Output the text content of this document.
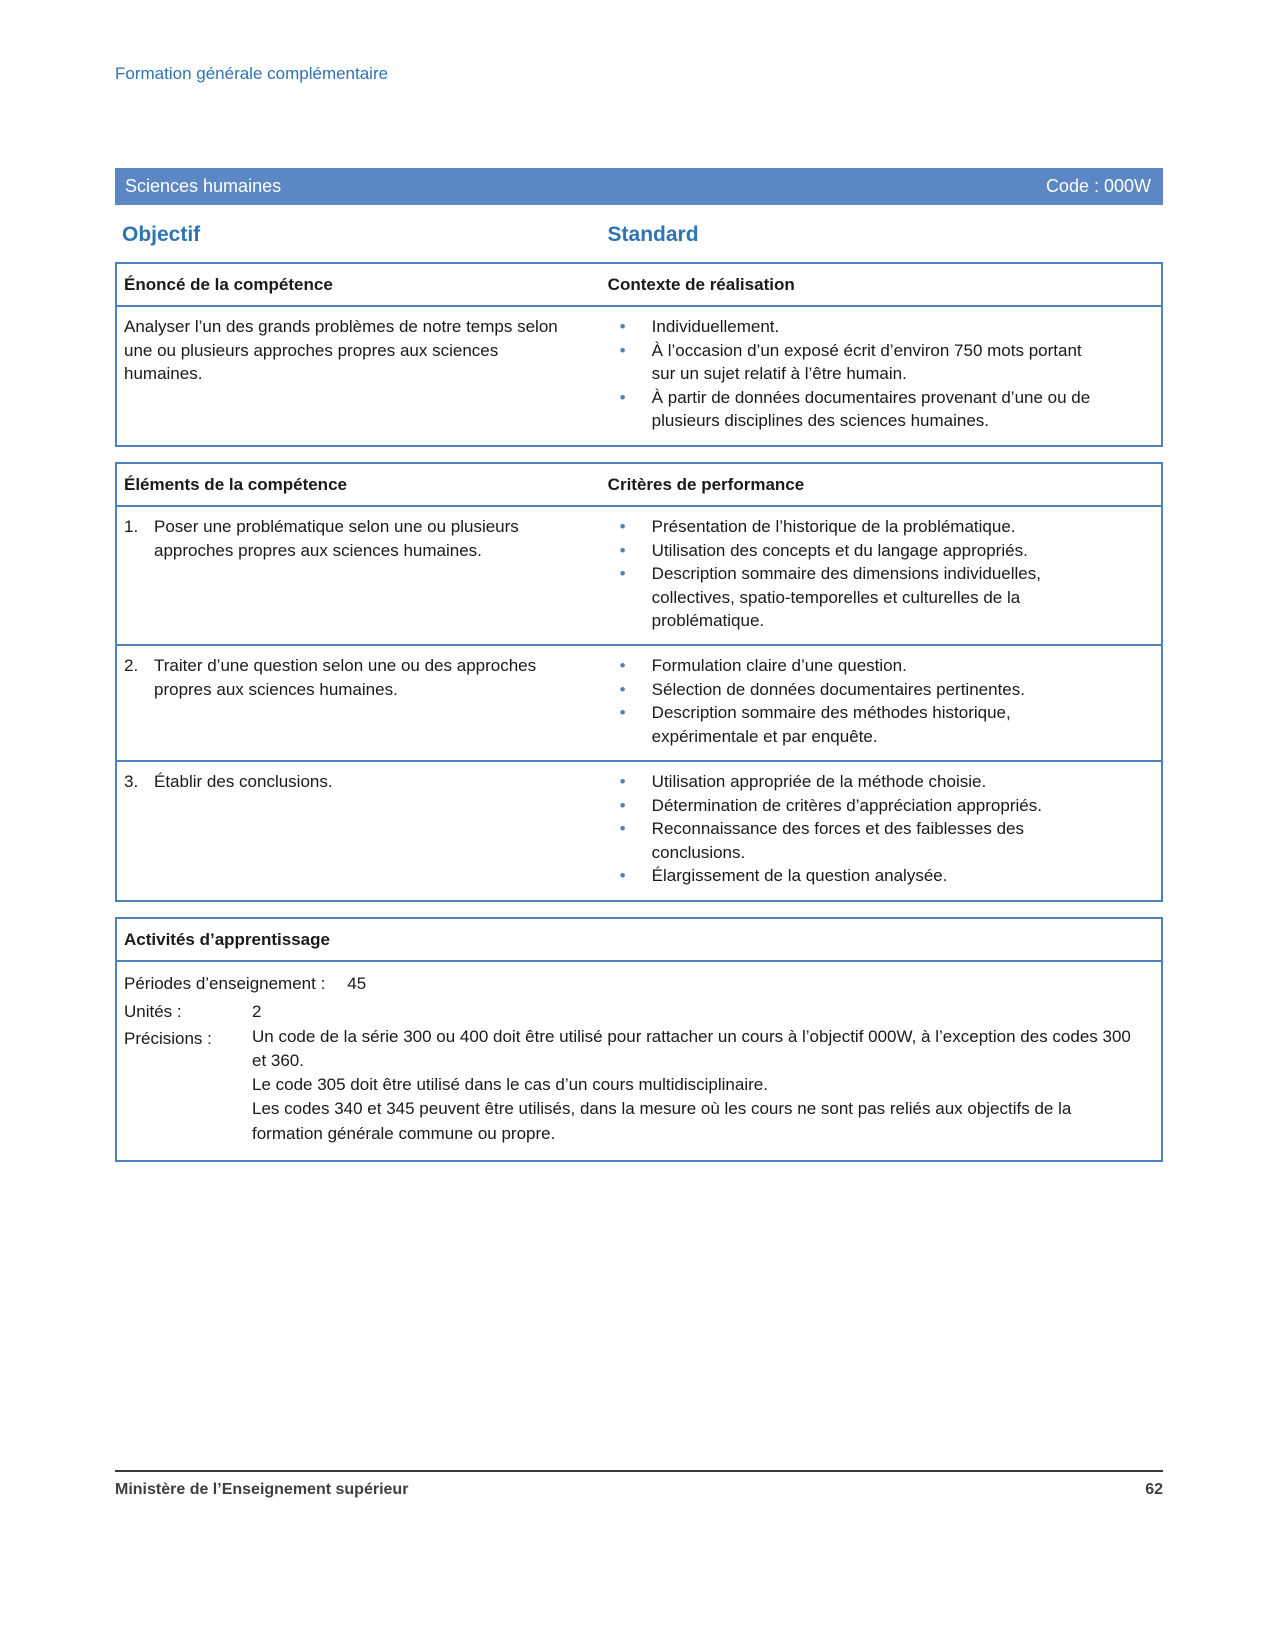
Formation générale complémentaire
Sciences humaines	Code : 000W
Objectif	Standard
Énoncé de la compétence	Contexte de réalisation
Analyser l’un des grands problèmes de notre temps selon une ou plusieurs approches propres aux sciences humaines.
• Individuellement.
• À l’occasion d’un exposé écrit d’environ 750 mots portant sur un sujet relatif à l’être humain.
• À partir de données documentaires provenant d’une ou de plusieurs disciplines des sciences humaines.
Éléments de la compétence	Critères de performance
1. Poser une problématique selon une ou plusieurs approches propres aux sciences humaines.
• Présentation de l’historique de la problématique.
• Utilisation des concepts et du langage appropriés.
• Description sommaire des dimensions individuelles, collectives, spatio-temporelles et culturelles de la problématique.
2. Traiter d’une question selon une ou des approches propres aux sciences humaines.
• Formulation claire d’une question.
• Sélection de données documentaires pertinentes.
• Description sommaire des méthodes historique, expérimentale et par enquête.
3. Établir des conclusions.	• Utilisation appropriée de la méthode choisie.
• Détermination de critères d’appréciation appropriés.
• Reconnaissance des forces et des faiblesses des conclusions.
• Élargissement de la question analysée.
Activités d’apprentissage
Périodes d’enseignement : 45
Unités :	2
Précisions :	Un code de la série 300 ou 400 doit être utilisé pour rattacher un cours à l’objectif 000W, à l’exception des codes 300 et 360.

Le code 305 doit être utilisé dans le cas d’un cours multidisciplinaire.

Les codes 340 et 345 peuvent être utilisés, dans la mesure où les cours ne sont pas reliés aux objectifs de la formation générale commune ou propre.

Ministère de l’Enseignement supérieur	62
